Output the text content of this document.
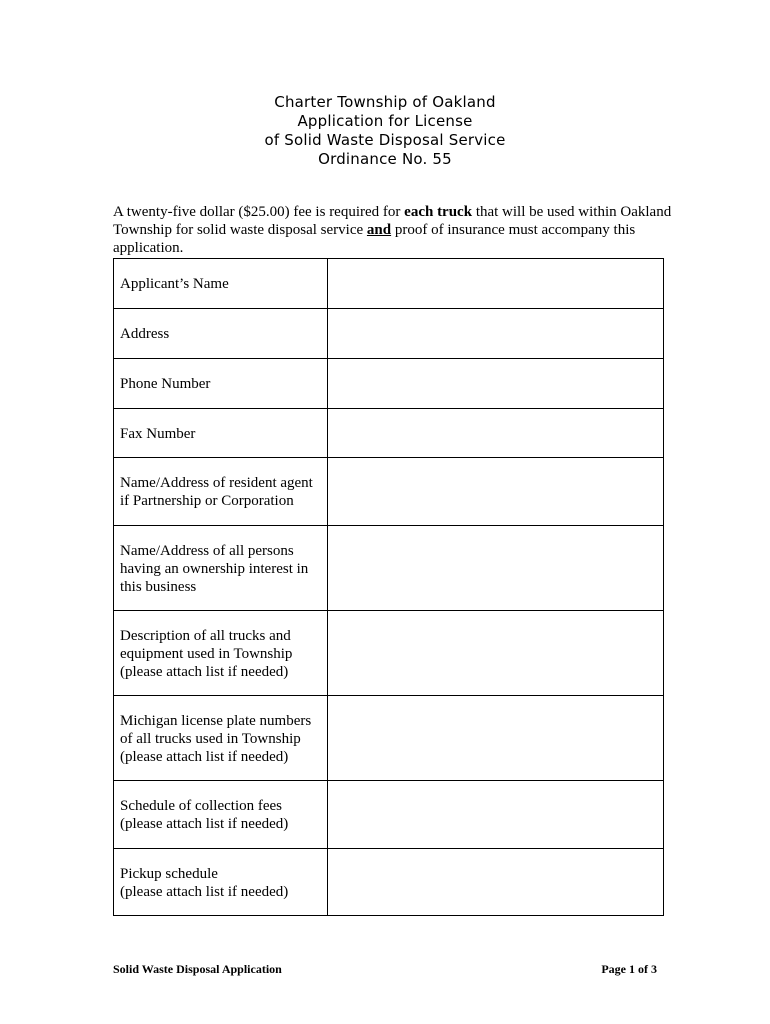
Charter Township of Oakland
Application for License
of Solid Waste Disposal Service
Ordinance No. 55

A twenty-five dollar ($25.00) fee is required for each truck that will be used within Oakland Township for solid waste disposal service and proof of insurance must accompany this application.

Applicant’s Name	

Address	

Phone Number	

Fax Number	

Name/Address of resident agent
if Partnership or Corporation	

Name/Address of all persons
having an ownership interest in
this business	

Description of all trucks and
equipment used in Township
(please attach list if needed)	

Michigan license plate numbers
of all trucks used in Township
(please attach list if needed)	

Schedule of collection fees
(please attach list if needed)	

Pickup schedule
(please attach list if needed)	

Solid Waste Disposal Application	Page 1 of 3
